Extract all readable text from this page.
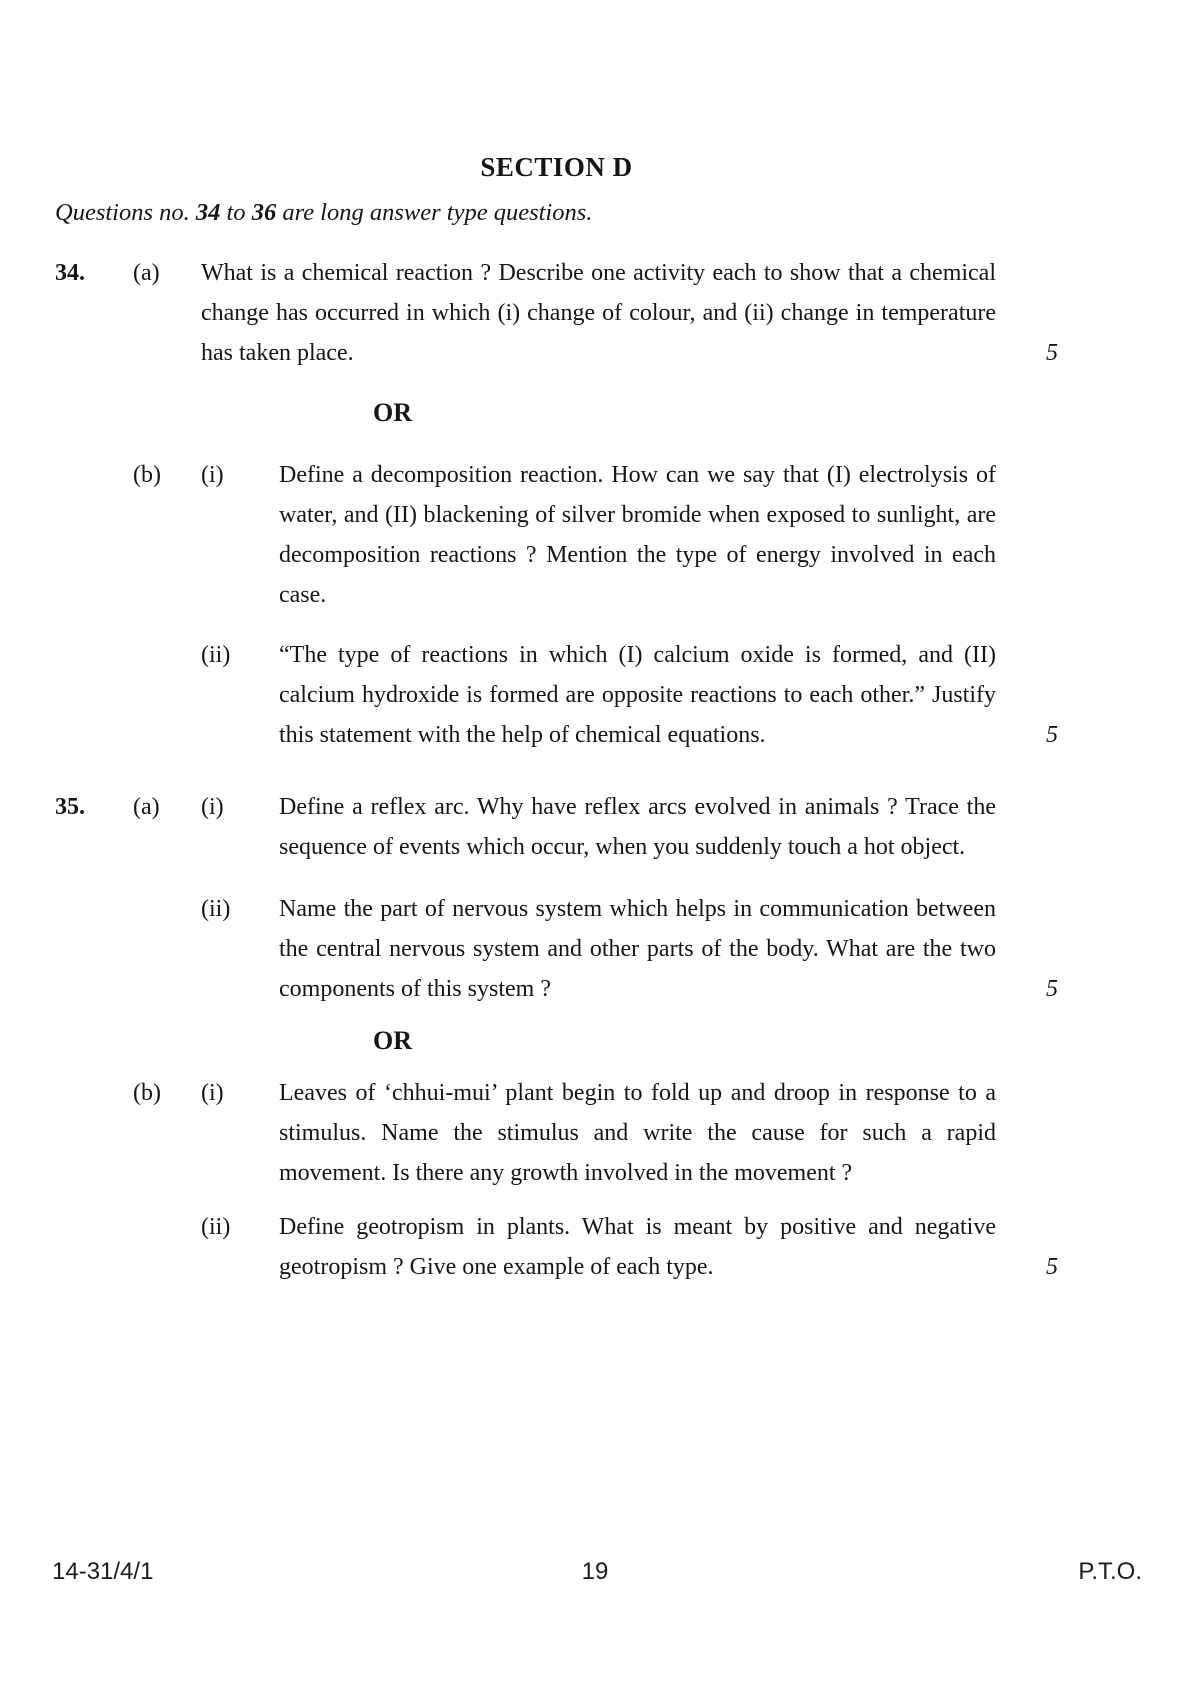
SECTION D
Questions no. 34 to 36 are long answer type questions.
34.	(a)	What is a chemical reaction ? Describe one activity each to show that a chemical change has occurred in which (i) change of colour, and (ii) change in temperature has taken place.	5
OR
(b)	(i)	Define a decomposition reaction. How can we say that (I) electrolysis of water, and (II) blackening of silver bromide when exposed to sunlight, are decomposition reactions ? Mention the type of energy involved in each case.
(ii)	“The type of reactions in which (I) calcium oxide is formed, and (II) calcium hydroxide is formed are opposite reactions to each other.” Justify this statement with the help of chemical equations.	5
35.	(a)	(i)	Define a reflex arc. Why have reflex arcs evolved in animals ? Trace the sequence of events which occur, when you suddenly touch a hot object.
(ii)	Name the part of nervous system which helps in communication between the central nervous system and other parts of the body. What are the two components of this system ?	5
OR
(b)	(i)	Leaves of ‘chhui-mui’ plant begin to fold up and droop in response to a stimulus. Name the stimulus and write the cause for such a rapid movement. Is there any growth involved in the movement ?
(ii)	Define geotropism in plants. What is meant by positive and negative geotropism ? Give one example of each type.	5
14-31/4/1	19	P.T.O.
